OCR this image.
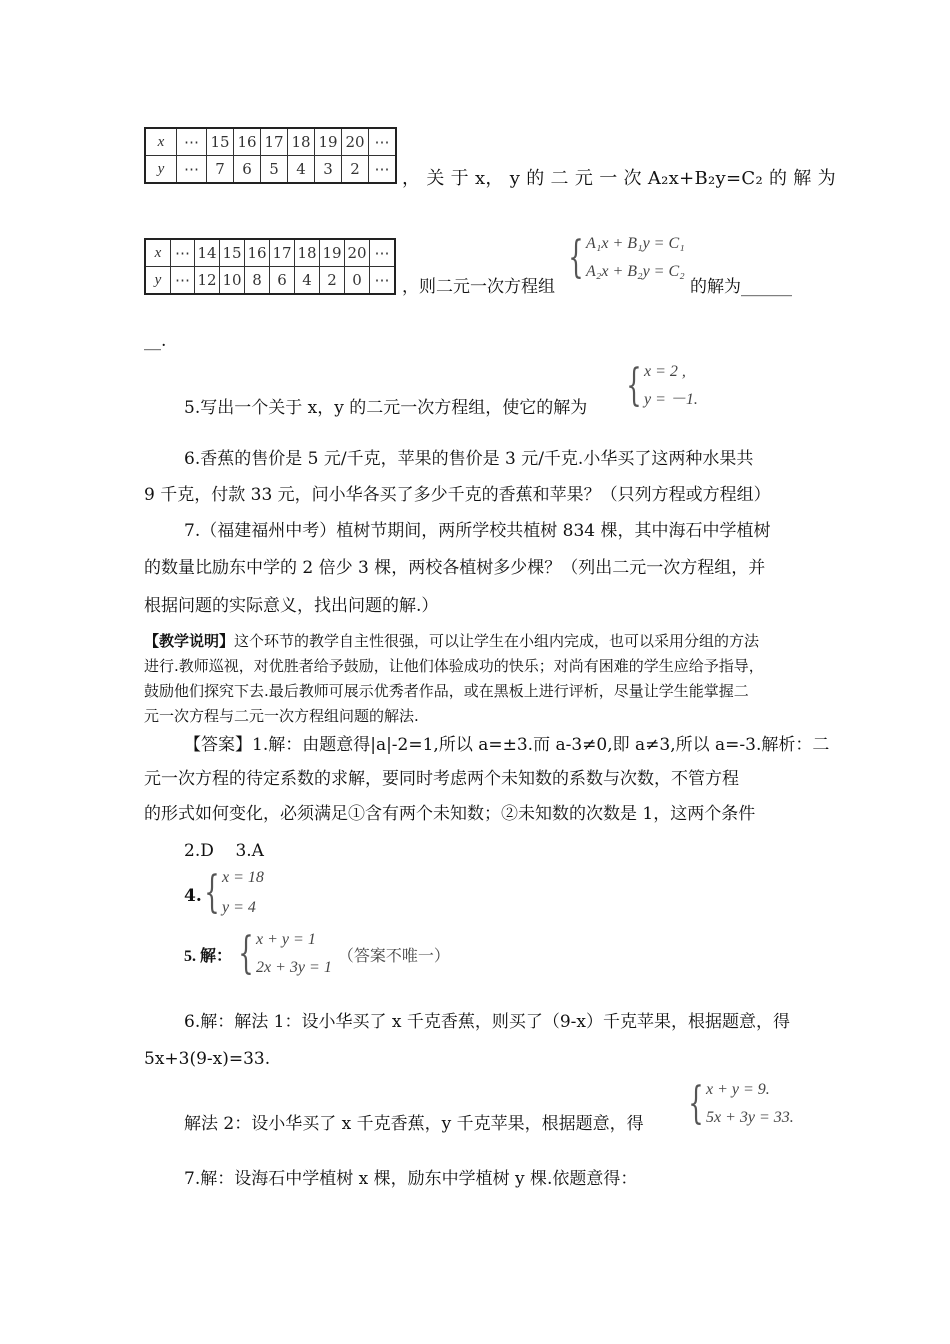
x	⋯	15	16	17	18	19	20	⋯
y	⋯	7	6	5	4	3	2	⋯ ， 关 于 x， y 的 二 元 一 次 A₂x+B₂y=C₂ 的 解 为
x	⋯	14	15	16	17	18	19	20	⋯
y	⋯	12	10	8	6	4	2	0	⋯ ，则二元一次方程组
{ A₁x + B₁y = C₁
A₂x + B₂y = C₂
的解为______
__.
5.写出一个关于 x，y 的二元一次方程组，使它的解为 { x = 2 ,
y = －1.
6.香蕉的售价是 5 元/千克，苹果的售价是 3 元/千克.小华买了这两种水果共
9 千克，付款 33 元，问小华各买了多少千克的香蕉和苹果？（只列方程或方程组）
7.（福建福州中考）植树节期间，两所学校共植树 834 棵，其中海石中学植树
的数量比励东中学的 2 倍少 3 棵，两校各植树多少棵？（列出二元一次方程组，并
根据问题的实际意义，找出问题的解.）
【教学说明】这个环节的教学自主性很强，可以让学生在小组内完成，也可以采用分组的方法
进行.教师巡视，对优胜者给予鼓励，让他们体验成功的快乐；对尚有困难的学生应给予指导，
鼓励他们探究下去.最后教师可展示优秀者作品，或在黑板上进行评析，尽量让学生能掌握二
元一次方程与二元一次方程组问题的解法.
【答案】1.解：由题意得|a|-2=1,所以 a=±3.而 a-3≠0,即 a≠3,所以 a=-3.解析：二
元一次方程的待定系数的求解，要同时考虑两个未知数的系数与次数，不管方程
的形式如何变化，必须满足①含有两个未知数；②未知数的次数是 1，这两个条件
2.D    3.A
4. { x = 18
y = 4
5. 解： { x + y = 1
2x + 3y = 1
（答案不唯一）
6.解：解法 1：设小华买了 x 千克香蕉，则买了（9-x）千克苹果，根据题意，得
5x+3(9-x)=33.
解法 2：设小华买了 x 千克香蕉，y 千克苹果，根据题意，得 { x + y = 9.
5x + 3y = 33.
7.解：设海石中学植树 x 棵，励东中学植树 y 棵.依题意得：
